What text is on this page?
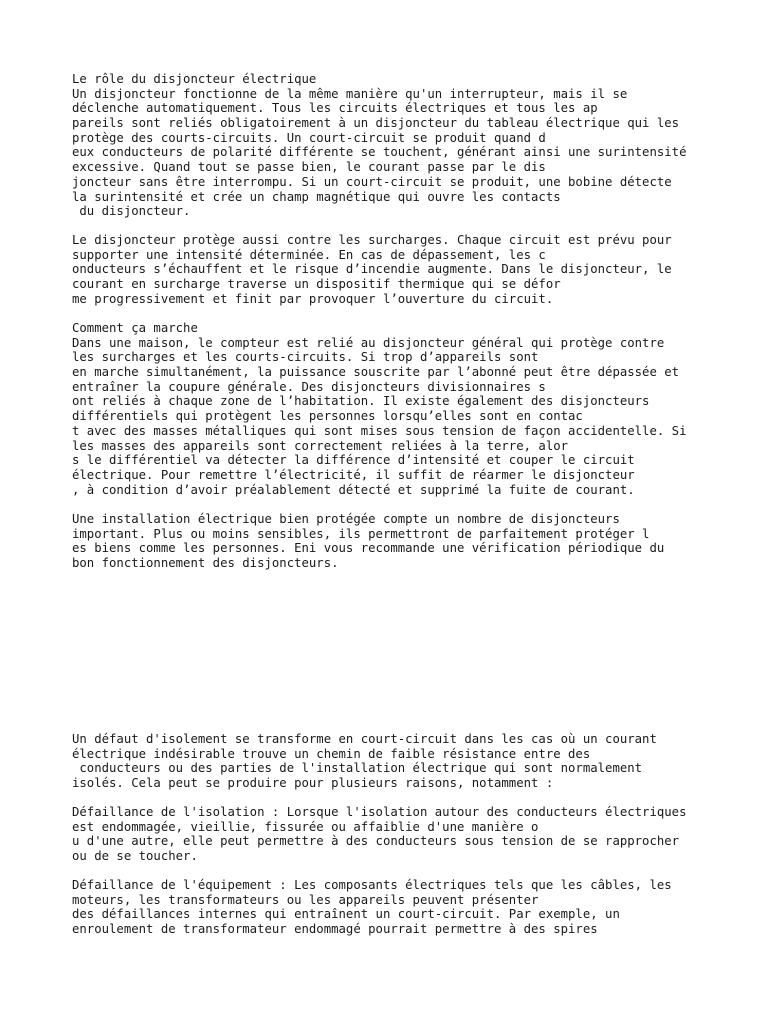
Le rôle du disjoncteur électrique
Un disjoncteur fonctionne de la même manière qu'un interrupteur, mais il se
déclenche automatiquement. Tous les circuits électriques et tous les ap
pareils sont reliés obligatoirement à un disjoncteur du tableau électrique qui les
protège des courts-circuits. Un court-circuit se produit quand d
eux conducteurs de polarité différente se touchent, générant ainsi une surintensité
excessive. Quand tout se passe bien, le courant passe par le dis
joncteur sans être interrompu. Si un court-circuit se produit, une bobine détecte
la surintensité et crée un champ magnétique qui ouvre les contacts
du disjoncteur.
Le disjoncteur protège aussi contre les surcharges. Chaque circuit est prévu pour
supporter une intensité déterminée. En cas de dépassement, les c
onducteurs s’échauffent et le risque d’incendie augmente. Dans le disjoncteur, le
courant en surcharge traverse un dispositif thermique qui se défor
me progressivement et finit par provoquer l’ouverture du circuit.
Comment ça marche
Dans une maison, le compteur est relié au disjoncteur général qui protège contre
les surcharges et les courts-circuits. Si trop d’appareils sont
en marche simultanément, la puissance souscrite par l’abonné peut être dépassée et
entraîner la coupure générale. Des disjoncteurs divisionnaires s
ont reliés à chaque zone de l’habitation. Il existe également des disjoncteurs
différentiels qui protègent les personnes lorsqu’elles sont en contac
t avec des masses métalliques qui sont mises sous tension de façon accidentelle. Si
les masses des appareils sont correctement reliées à la terre, alor
s le différentiel va détecter la différence d’intensité et couper le circuit
électrique. Pour remettre l’électricité, il suffit de réarmer le disjoncteur
, à condition d’avoir préalablement détecté et supprimé la fuite de courant.
Une installation électrique bien protégée compte un nombre de disjoncteurs
important. Plus ou moins sensibles, ils permettront de parfaitement protéger l
es biens comme les personnes. Eni vous recommande une vérification périodique du
bon fonctionnement des disjoncteurs.
Un défaut d'isolement se transforme en court-circuit dans les cas où un courant
électrique indésirable trouve un chemin de faible résistance entre des
conducteurs ou des parties de l'installation électrique qui sont normalement
isolés. Cela peut se produire pour plusieurs raisons, notamment :
Défaillance de l'isolation : Lorsque l'isolation autour des conducteurs électriques
est endommagée, vieillie, fissurée ou affaiblie d'une manière o
u d'une autre, elle peut permettre à des conducteurs sous tension de se rapprocher
ou de se toucher.
Défaillance de l'équipement : Les composants électriques tels que les câbles, les
moteurs, les transformateurs ou les appareils peuvent présenter
des défaillances internes qui entraînent un court-circuit. Par exemple, un
enroulement de transformateur endommagé pourrait permettre à des spires
